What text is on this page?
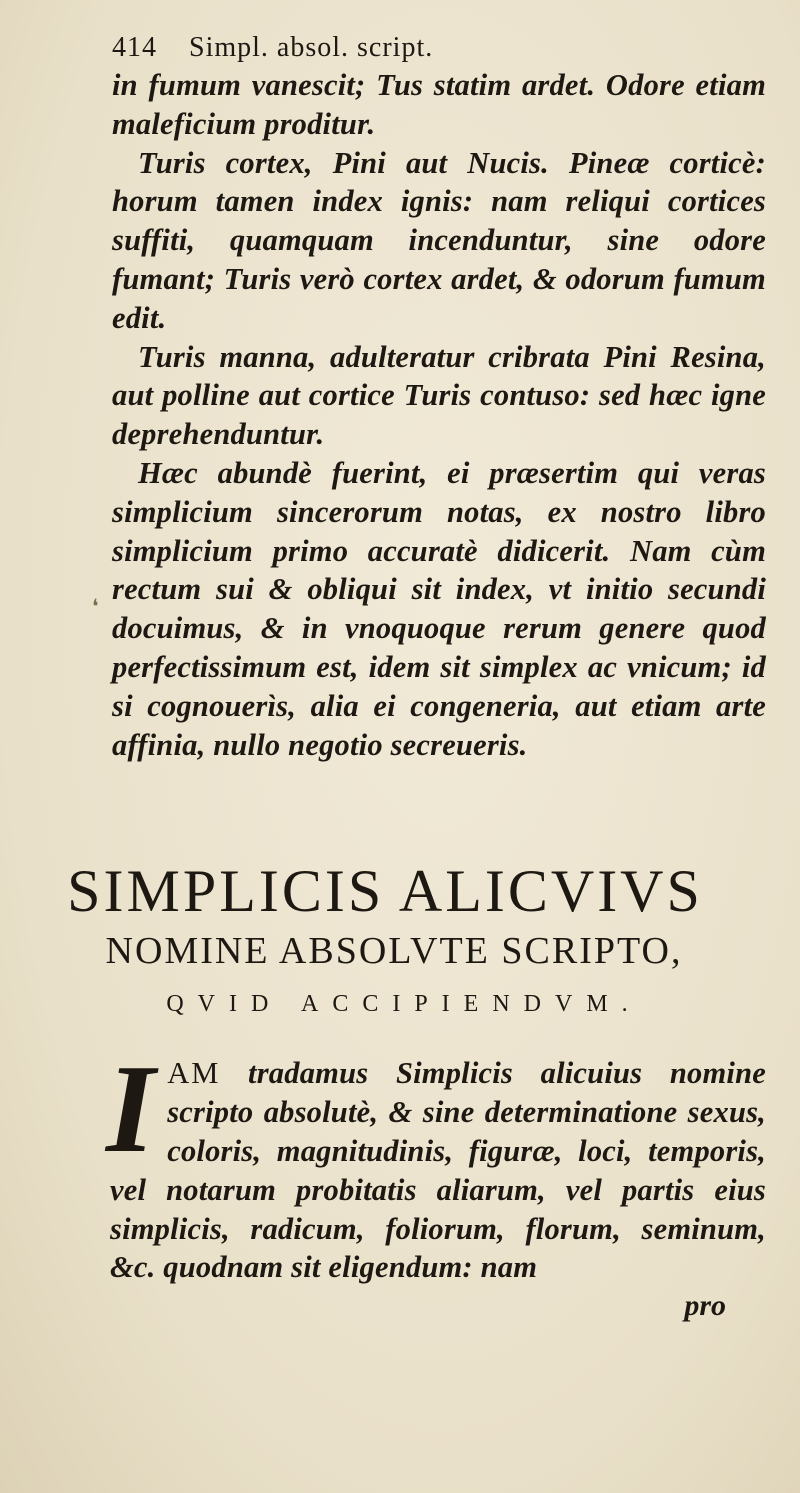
414 Simpl. absol. script.

in fumum vanescit; Tus statim ardet. Odore etiam maleficium proditur.

Turis cortex, Pini aut Nucis. Pineæ corticè: horum tamen index ignis: nam reliqui cortices suffiti, quamquam incenduntur, sine odore fumant; Turis verò cortex ardet, & odorum fumum edit.

Turis manna, adulteratur cribrata Pini Resina, aut polline aut cortice Turis contuso: sed hæc igne deprehenduntur.

Hæc abundè fuerint, ei præsertim qui veras simplicium sincerorum notas, ex nostro libro simplicium primo accuratè didicerit. Nam cùm rectum sui & obliqui sit index, vt initio secundi docuimus, & in vnoquoque rerum genere quod perfectissimum est, idem sit simplex ac vnicum; id si cognouerìs, alia ei congeneria, aut etiam arte affinia, nullo negotio secreueris.

SIMPLICIS ALICVIVS
NOMINE ABSOLVTE SCRIPTO,
QVID ACCIPIENDVM.

I AM tradamus Simplicis alicuius nomine scripto absolutè, & sine determinatione sexus, coloris, magnitudinis, figuræ, loci, temporis, vel notarum probitatis aliarum, vel partis eius simplicis, radicum, foliorum, florum, seminum, &c. quodnam sit eligendum: nam

pro
❛
